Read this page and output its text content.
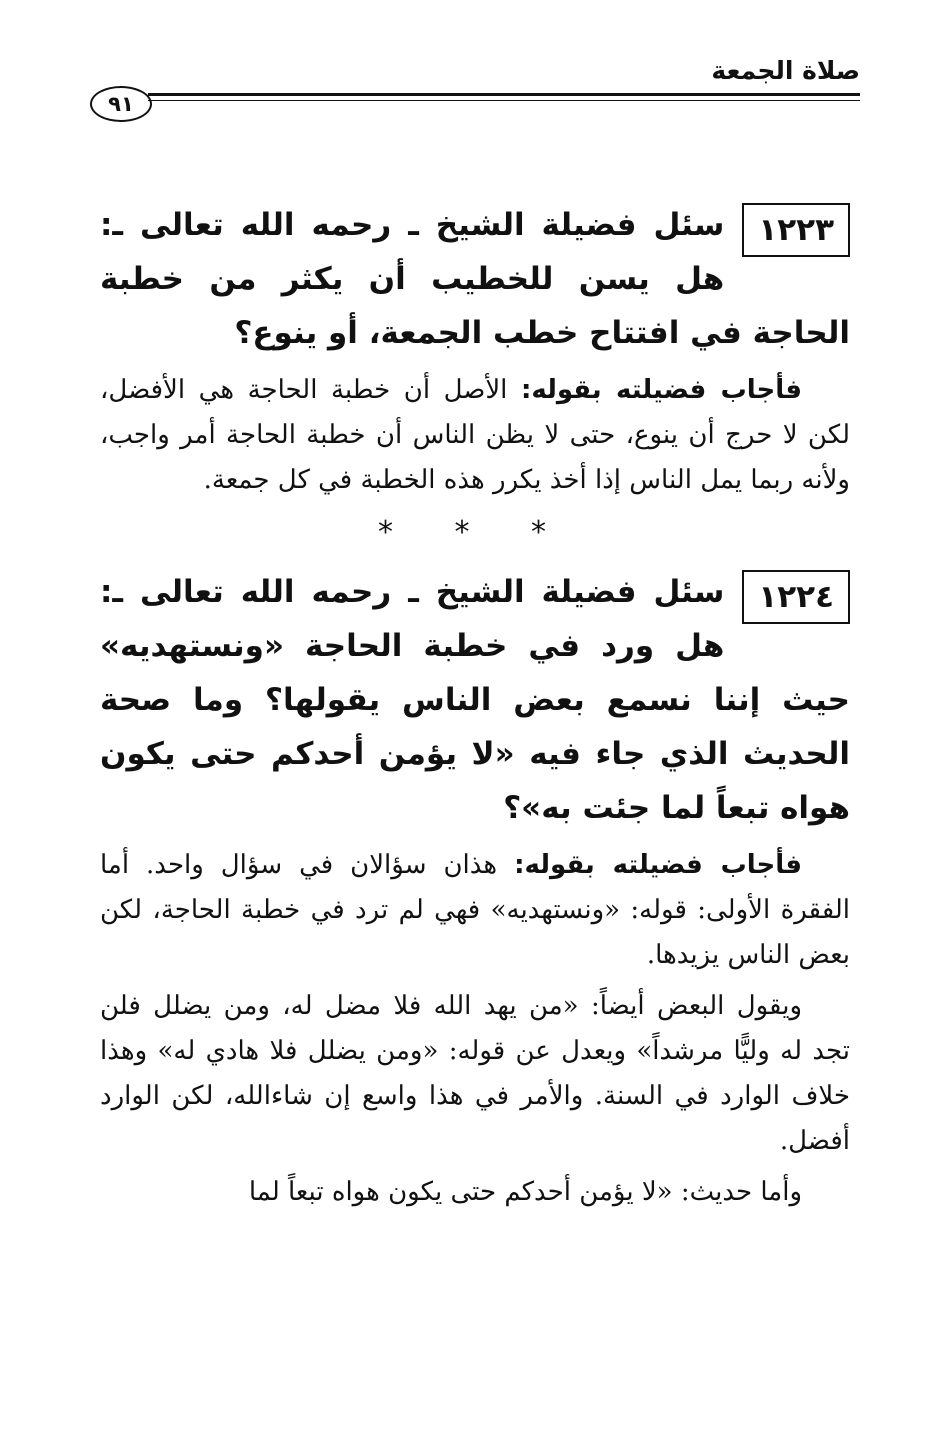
صلاة الجمعة
٩١

١٢٢٣
سئل فضيلة الشيخ ـ رحمه الله تعالى ـ: هل يسن للخطيب أن يكثر من خطبة الحاجة في افتتاح خطب الجمعة، أو ينوع؟

فأجاب فضيلته بقوله: الأصل أن خطبة الحاجة هي الأفضل، لكن لا حرج أن ينوع، حتى لا يظن الناس أن خطبة الحاجة أمر واجب، ولأنه ربما يمل الناس إذا أخذ يكرر هذه الخطبة في كل جمعة.

* * *

١٢٢٤
سئل فضيلة الشيخ ـ رحمه الله تعالى ـ: هل ورد في خطبة الحاجة «ونستهديه» حيث إننا نسمع بعض الناس يقولها؟ وما صحة الحديث الذي جاء فيه «لا يؤمن أحدكم حتى يكون هواه تبعاً لما جئت به»؟

فأجاب فضيلته بقوله: هذان سؤالان في سؤال واحد. أما الفقرة الأولى: قوله: «ونستهديه» فهي لم ترد في خطبة الحاجة، لكن بعض الناس يزيدها.

ويقول البعض أيضاً: «من يهد الله فلا مضل له، ومن يضلل فلن تجد له وليًّا مرشداً» ويعدل عن قوله: «ومن يضلل فلا هادي له» وهذا خلاف الوارد في السنة. والأمر في هذا واسع إن شاءالله، لكن الوارد أفضل.

وأما حديث: «لا يؤمن أحدكم حتى يكون هواه تبعاً لما
